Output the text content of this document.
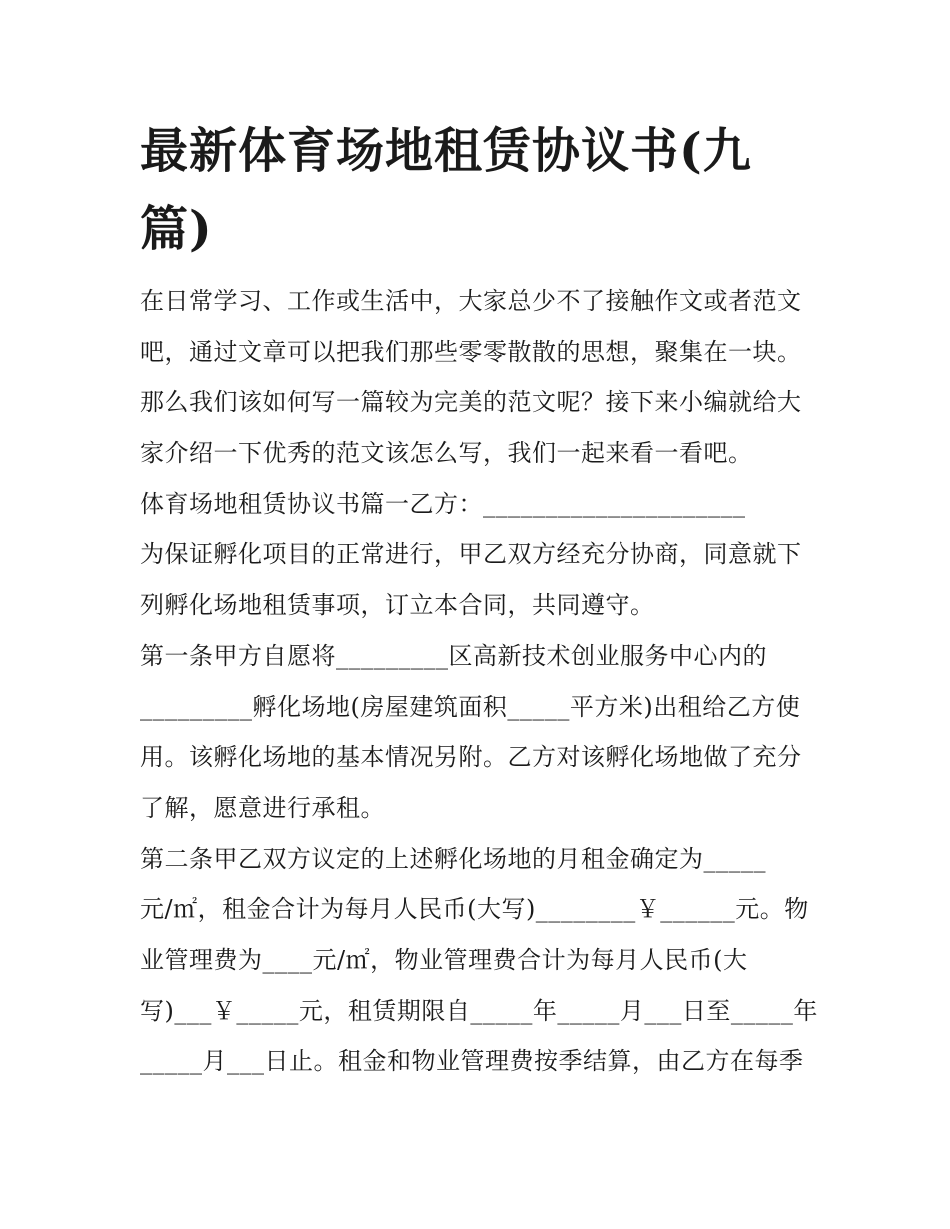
最新体育场地租赁协议书(九
篇)
在日常学习、工作或生活中，大家总少不了接触作文或者范文
吧，通过文章可以把我们那些零零散散的思想，聚集在一块。
那么我们该如何写一篇较为完美的范文呢？接下来小编就给大
家介绍一下优秀的范文该怎么写，我们一起来看一看吧。
体育场地租赁协议书篇一乙方：_____________________
为保证孵化项目的正常进行，甲乙双方经充分协商，同意就下
列孵化场地租赁事项，订立本合同，共同遵守。
第一条甲方自愿将_________区高新技术创业服务中心内的
_________孵化场地(房屋建筑面积_____平方米)出租给乙方使
用。该孵化场地的基本情况另附。乙方对该孵化场地做了充分
了解，愿意进行承租。
第二条甲乙双方议定的上述孵化场地的月租金确定为_____
元/㎡，租金合计为每月人民币(大写)________￥______元。物
业管理费为____元/㎡，物业管理费合计为每月人民币(大
写)___￥_____元，租赁期限自_____年_____月___日至_____年
_____月___日止。租金和物业管理费按季结算，由乙方在每季
